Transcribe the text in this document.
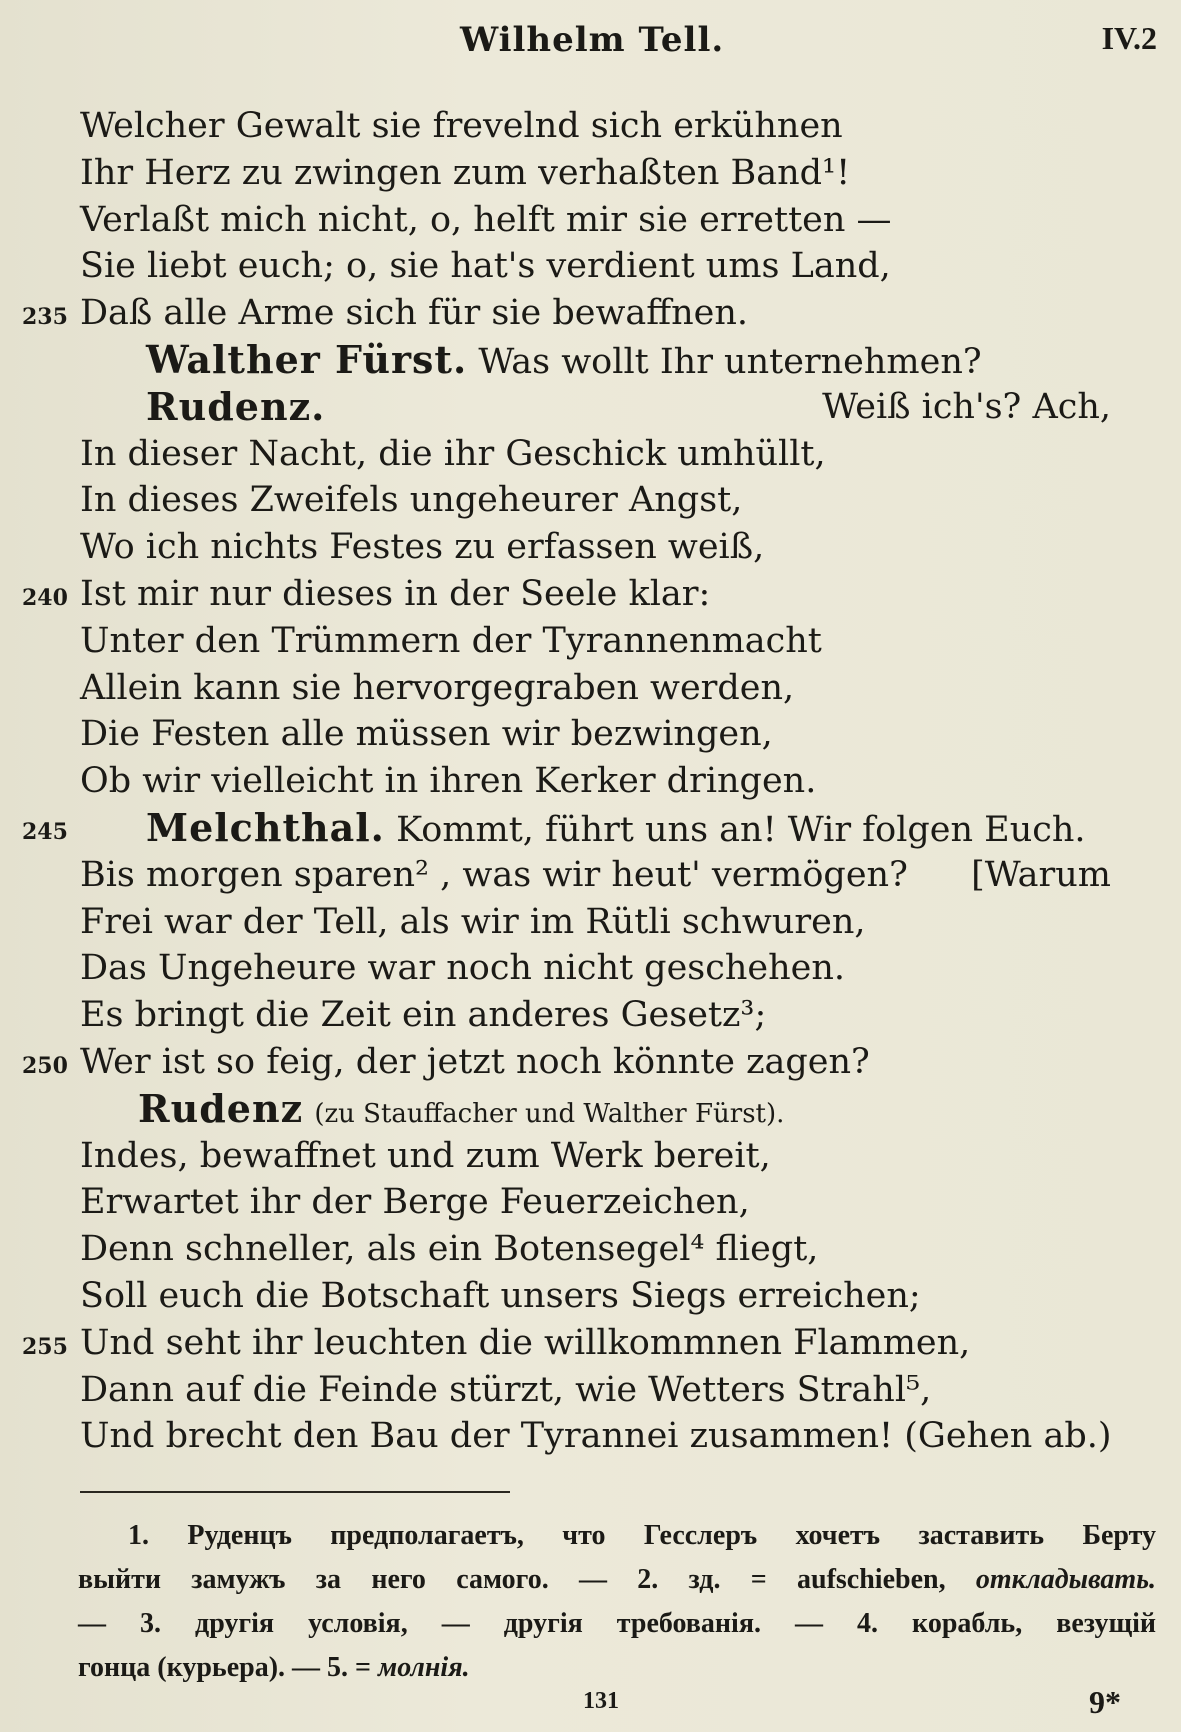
Wilhelm Tell.	IV.2
Welcher Gewalt sie frevelnd sich erkühnen
Ihr Herz zu zwingen zum verhaßten Band¹!
Verlaßt mich nicht, o, helft mir sie erretten —
Sie liebt euch; o, sie hat's verdient ums Land,
235 Daß alle Arme sich für sie bewaffnen.
Walther Fürst. Was wollt Ihr unternehmen?
Rudenz.	Weiß ich's? Ach,
In dieser Nacht, die ihr Geschick umhüllt,
In dieses Zweifels ungeheurer Angst,
Wo ich nichts Festes zu erfassen weiß,
240 Ist mir nur dieses in der Seele klar:
Unter den Trümmern der Tyrannenmacht
Allein kann sie hervorgegraben werden,
Die Festen alle müssen wir bezwingen,
Ob wir vielleicht in ihren Kerker dringen.
245 Melchthal. Kommt, führt uns an! Wir folgen Euch.
Bis morgen sparen² , was wir heut' vermögen? [Warum
Frei war der Tell, als wir im Rütli schwuren,
Das Ungeheure war noch nicht geschehen.
Es bringt die Zeit ein anderes Gesetz³;
250 Wer ist so feig, der jetzt noch könnte zagen?
Rudenz (zu Stauffacher und Walther Fürst).
Indes, bewaffnet und zum Werk bereit,
Erwartet ihr der Berge Feuerzeichen,
Denn schneller, als ein Botensegel⁴ fliegt,
Soll euch die Botschaft unsers Siegs erreichen;
255 Und seht ihr leuchten die willkommnen Flammen,
Dann auf die Feinde stürzt, wie Wetters Strahl⁵,
Und brecht den Bau der Tyrannei zusammen! (Gehen ab.)

1. Руденцъ предполагаетъ, что Гесслеръ хочетъ заставить Берту

выйти замужъ за него самого. — 2. зд. = aufschieben, откладывать.

— 3. другія условія, — другія требованія. — 4. корабль, везущій

гонца (курьера). — 5. = молнія.

131	9*
